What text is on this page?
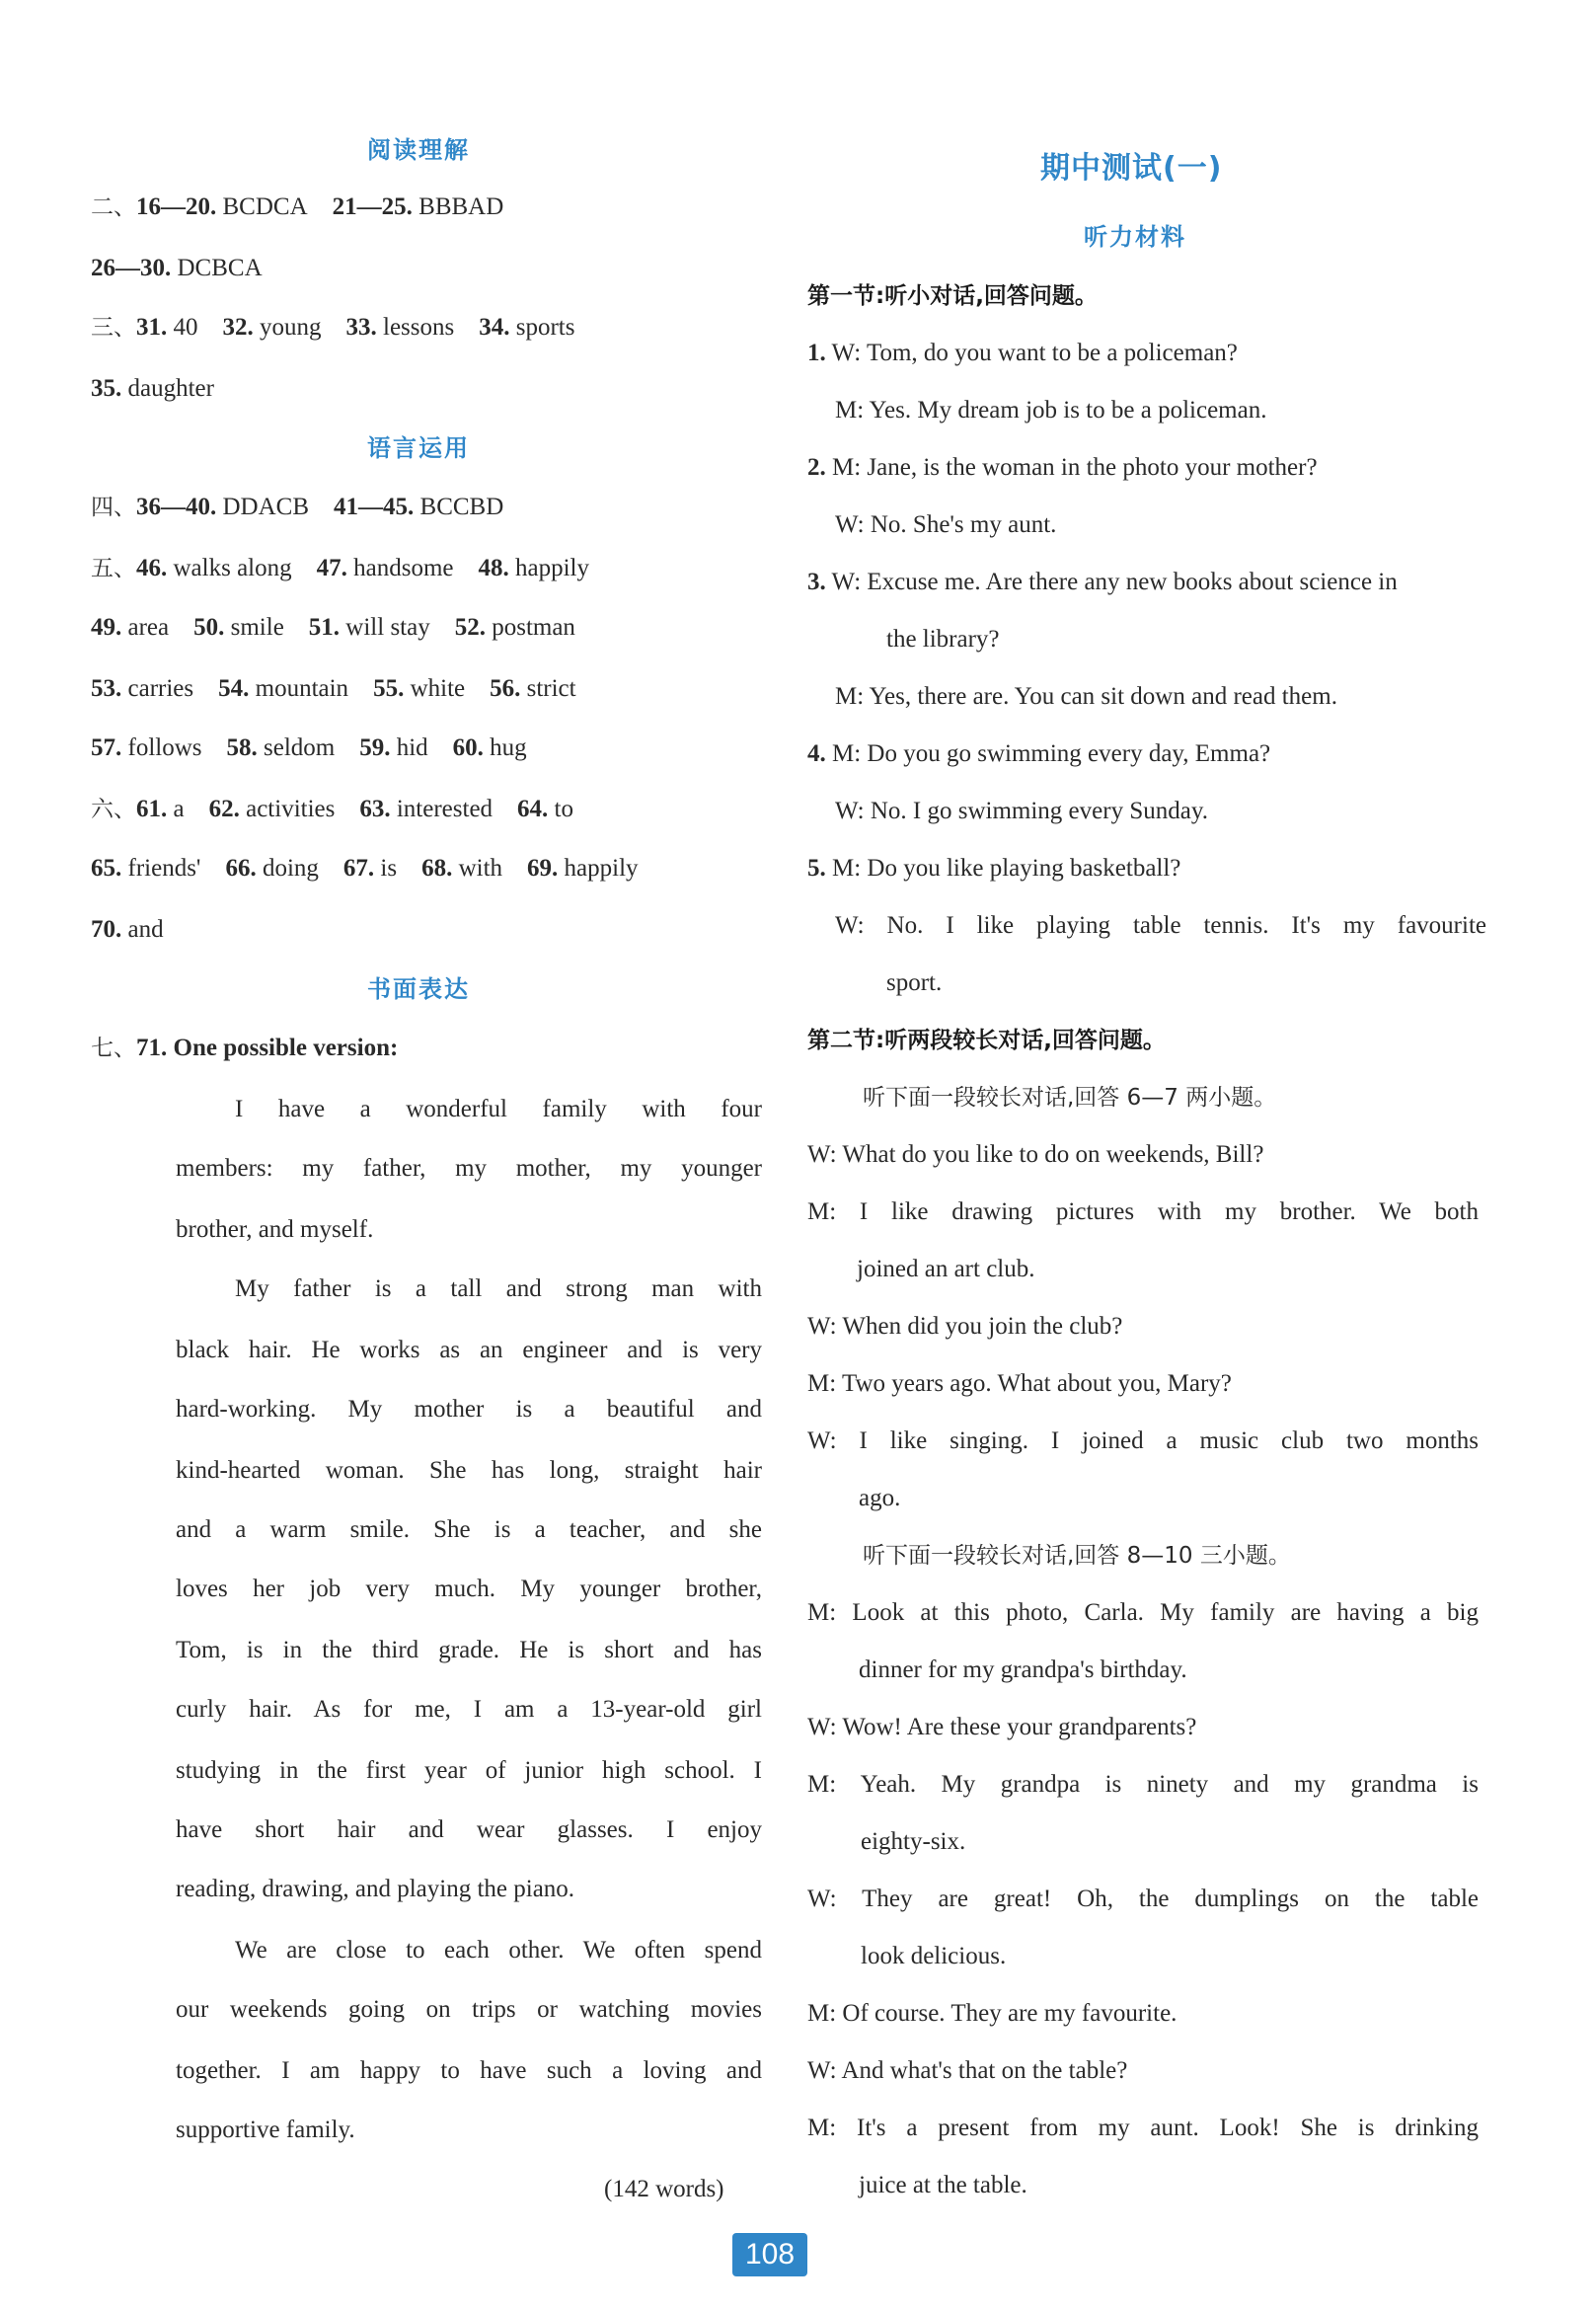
阅读理解
二、16—20. BCDCA 21—25. BBBAD
26—30. DCBCA
三、31. 40 32. young 33. lessons 34. sports
35. daughter
语言运用
四、36—40. DDACB 41—45. BCCBD
五、46. walks along 47. handsome 48. happily
49. area 50. smile 51. will stay 52. postman
53. carries 54. mountain 55. white 56. strict
57. follows 58. seldom 59. hid 60. hug
六、61. a 62. activities 63. interested 64. to
65. friends' 66. doing 67. is 68. with 69. happily
70. and
书面表达
七、71. One possible version:
I have a wonderful family with four
members: my father, my mother, my younger
brother, and myself.
My father is a tall and strong man with
black hair. He works as an engineer and is very
hard-working. My mother is a beautiful and
kind-hearted woman. She has long, straight hair
and a warm smile. She is a teacher, and she
loves her job very much. My younger brother,
Tom, is in the third grade. He is short and has
curly hair. As for me, I am a 13-year-old girl
studying in the first year of junior high school. I
have short hair and wear glasses. I enjoy
reading, drawing, and playing the piano.
We are close to each other. We often spend
our weekends going on trips or watching movies
together. I am happy to have such a loving and
supportive family.
(142 words)
期中测试(一)
听力材料
第一节:听小对话,回答问题。
1. W: Tom, do you want to be a policeman?
M: Yes. My dream job is to be a policeman.
2. M: Jane, is the woman in the photo your mother?
W: No. She's my aunt.
3. W: Excuse me. Are there any new books about science in
the library?
M: Yes, there are. You can sit down and read them.
4. M: Do you go swimming every day, Emma?
W: No. I go swimming every Sunday.
5. M: Do you like playing basketball?
W: No. I like playing table tennis. It's my favourite
sport.
第二节:听两段较长对话,回答问题。
听下面一段较长对话,回答 6—7 两小题。
W: What do you like to do on weekends, Bill?
M: I like drawing pictures with my brother. We both
joined an art club.
W: When did you join the club?
M: Two years ago. What about you, Mary?
W: I like singing. I joined a music club two months
ago.
听下面一段较长对话,回答 8—10 三小题。
M: Look at this photo, Carla. My family are having a big
dinner for my grandpa's birthday.
W: Wow! Are these your grandparents?
M: Yeah. My grandpa is ninety and my grandma is
eighty-six.
W: They are great! Oh, the dumplings on the table
look delicious.
M: Of course. They are my favourite.
W: And what's that on the table?
M: It's a present from my aunt. Look! She is drinking
juice at the table.
108
